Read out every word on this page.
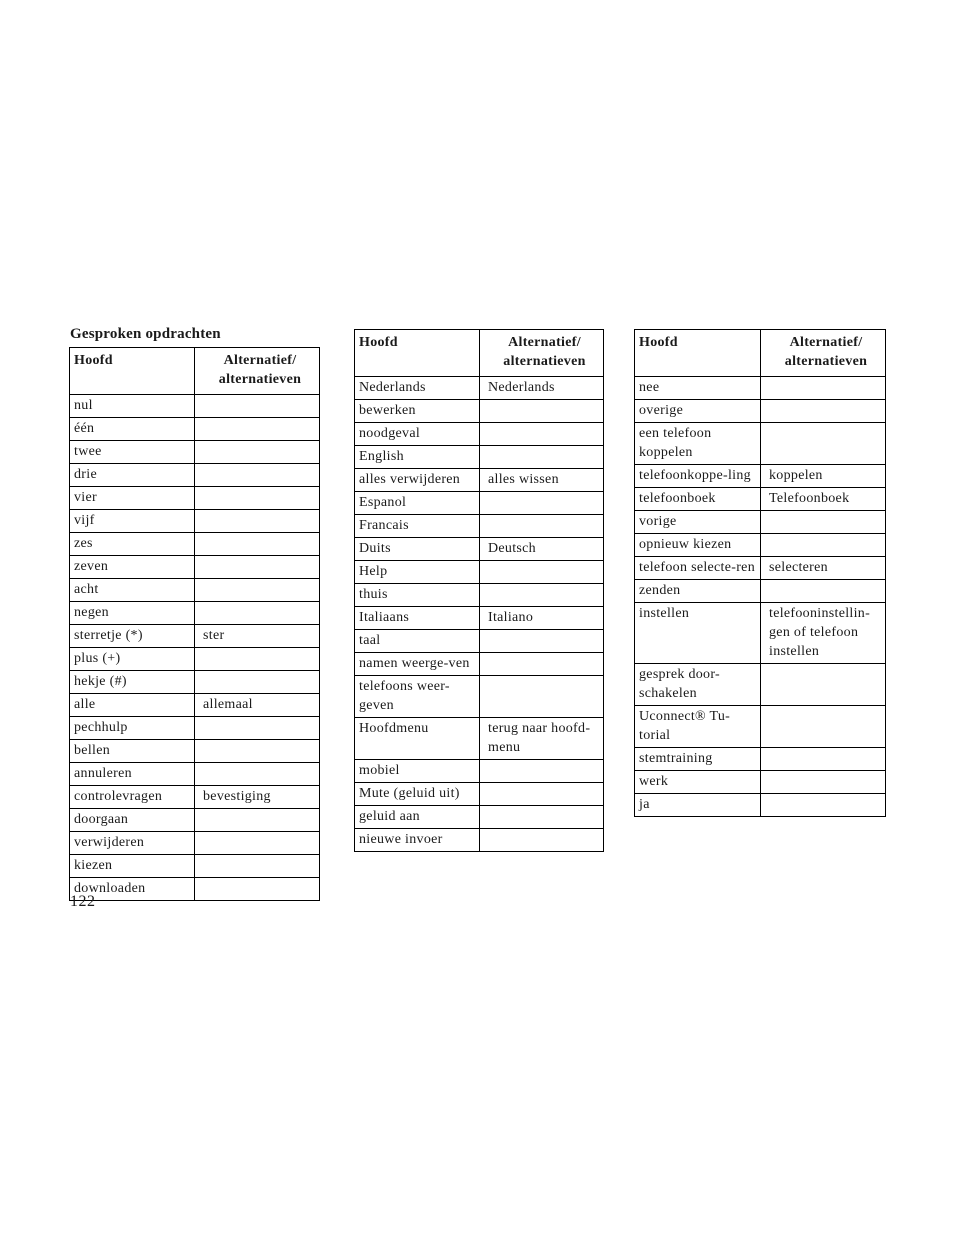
Gesproken opdrachten
Hoofd	Alternatief/ alternatieven
nul	
één	
twee	
drie	
vier	
vijf	
zes	
zeven	
acht	
negen	
sterretje (*)	ster
plus (+)	
hekje (#)	
alle	allemaal
pechhulp	
bellen	
annuleren	
controlevragen	bevestiging
doorgaan	
verwijderen	
kiezen	
downloaden	
Hoofd	Alternatief/ alternatieven
Nederlands	Nederlands
bewerken	
noodgeval	
English	
alles verwijderen	alles wissen
Espanol	
Francais	
Duits	Deutsch
Help	
thuis	
Italiaans	Italiano
taal	
namen weerge-ven	
telefoons weer-geven	
Hoofdmenu	terug naar hoofd-menu
mobiel	
Mute (geluid uit)	
geluid aan	
nieuwe invoer	
Hoofd	Alternatief/ alternatieven
nee	
overige	
een telefoon koppelen	
telefoonkoppe-ling	koppelen
telefoonboek	Telefoonboek
vorige	
opnieuw kiezen	
telefoon selecte-ren	selecteren
zenden	
instellen	telefooninstellin-gen of telefoon instellen
gesprek door-schakelen	
Uconnect® Tu-torial	
stemtraining	
werk	
ja	

122
